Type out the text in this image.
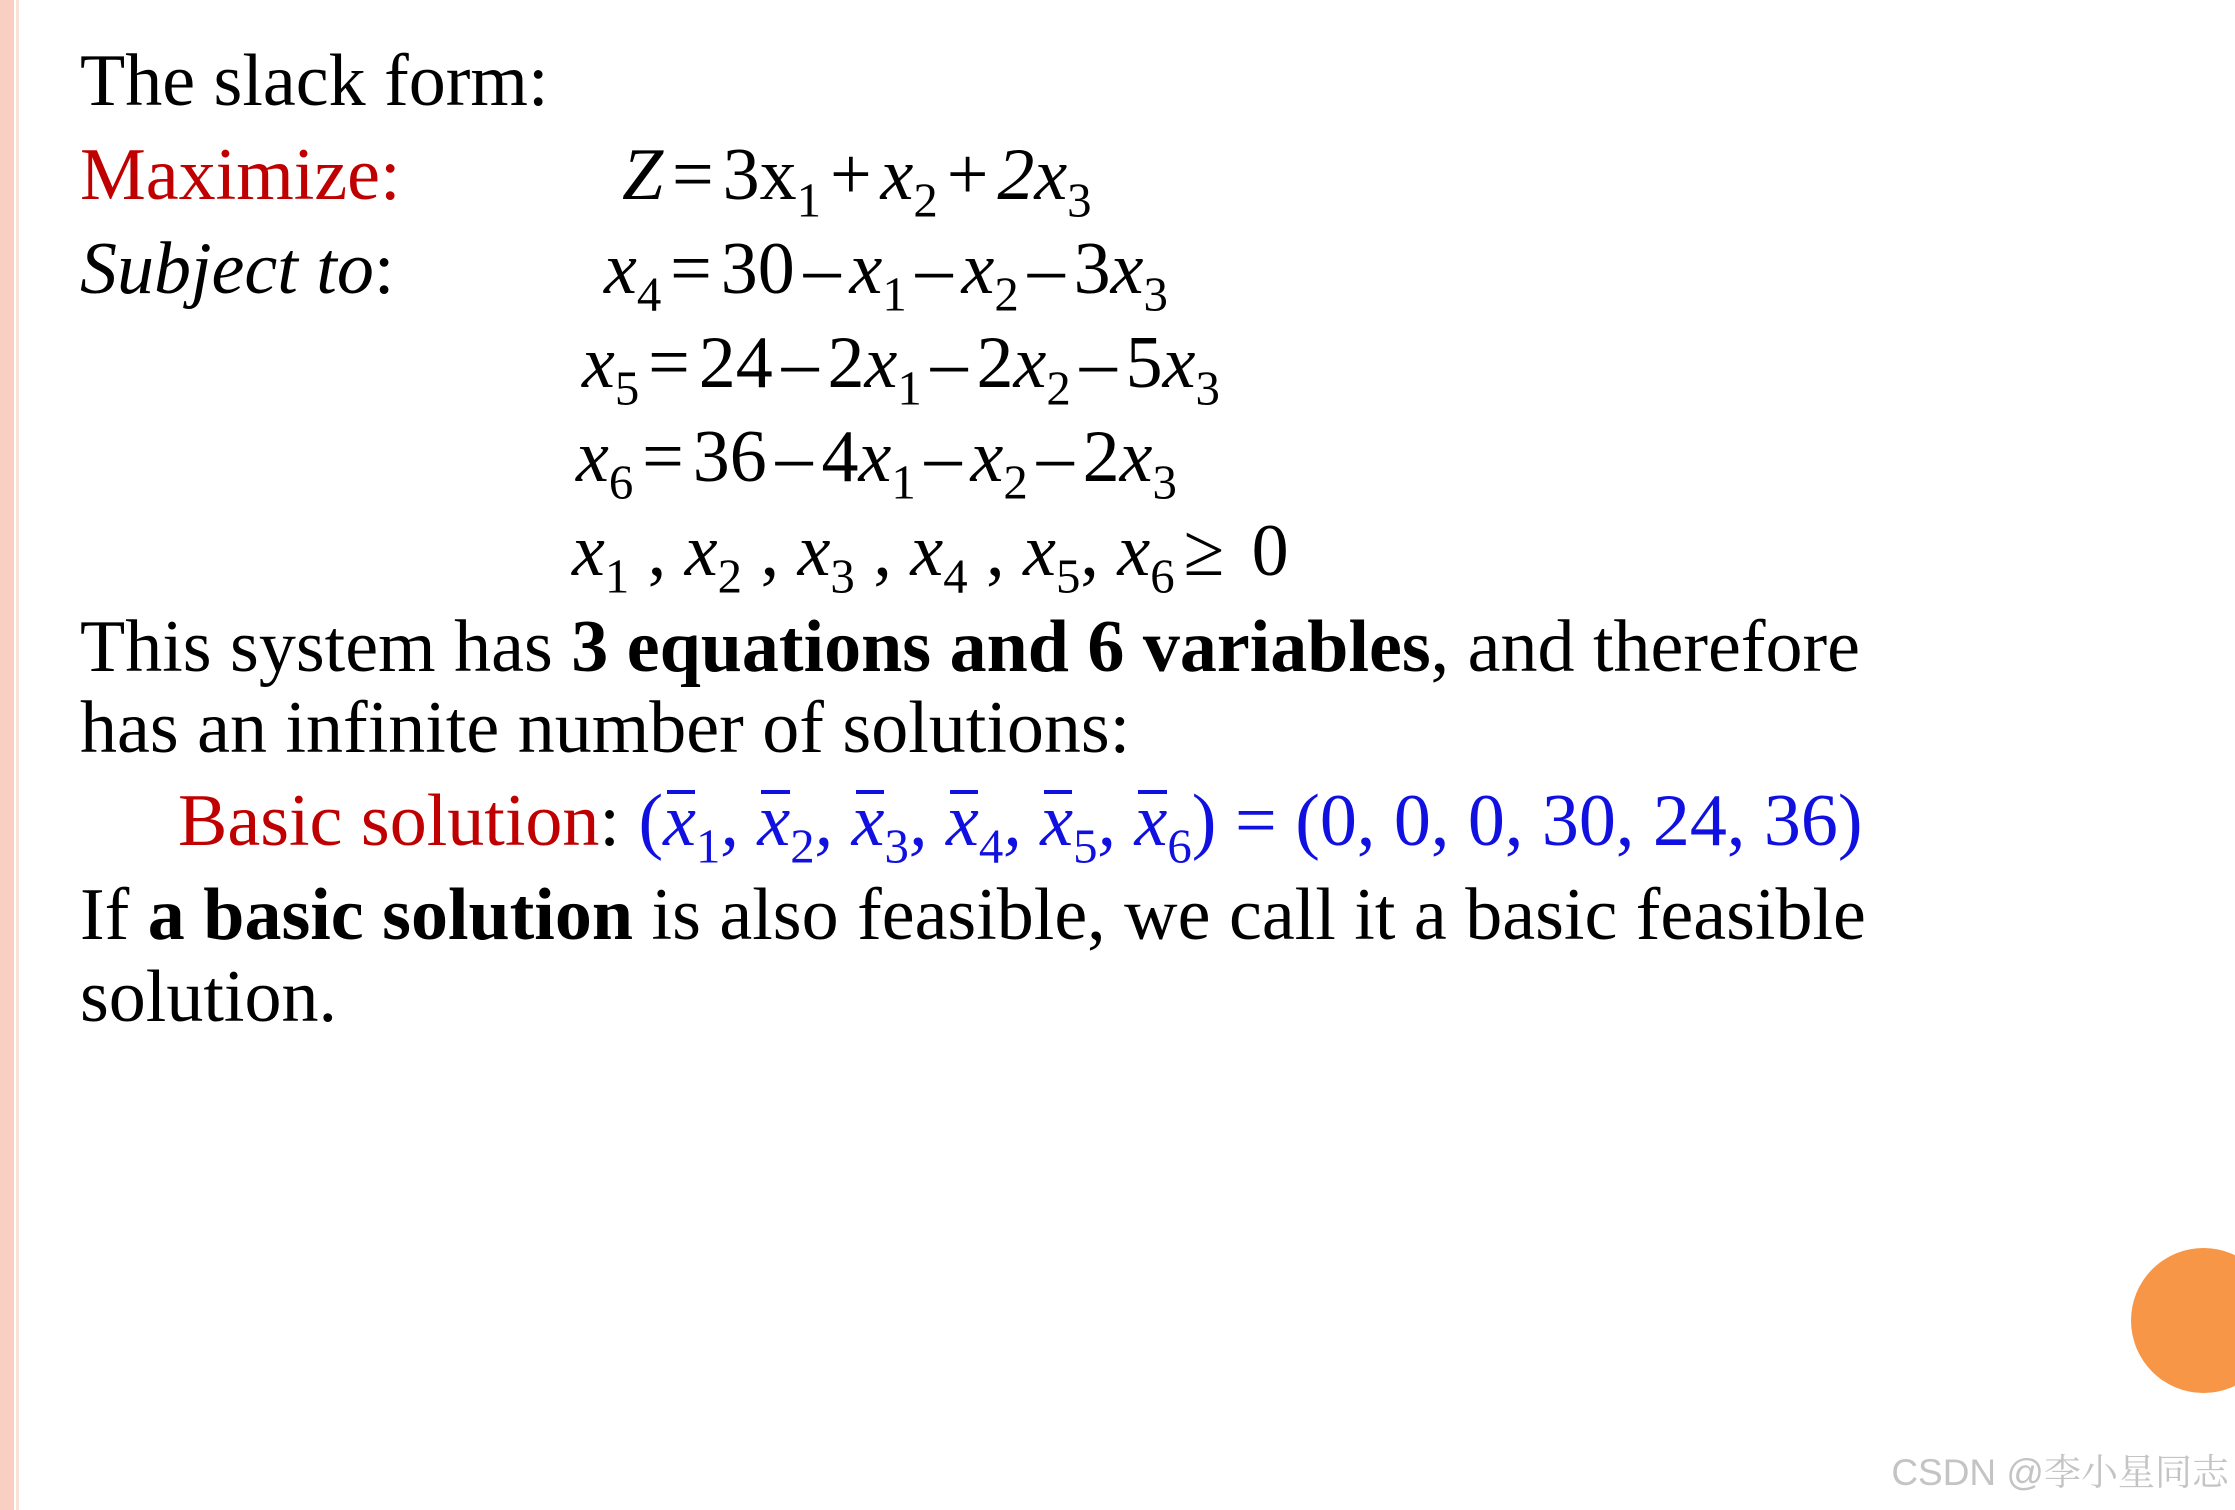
The slack form:
Maximize:	$Z = 3x_1 + x_2 + 2x_3$
Subject to:	$x_4 = 30 - x_1 - x_2 - 3x_3$
$x_5 = 24 - 2x_1 - 2x_2 - 5x_3$
$x_6 = 36 - 4x_1 - x_2 - 2x_3$
$x_1$ , $x_2$ , $x_3$ , $x_4$ , $x_5$, $x_6 \ge 0$
This system has 3 equations and 6 variables, and therefore
has an infinite number of solutions:
Basic solution: ($x_1$, $x_2$, $x_3$, $x_4$, $x_5$, $x_6) = (0$, 0, 0, 30, 24, 36)
If a basic solution is also feasible, we call it a basic feasible
solution.
CSDN @李小星同志
